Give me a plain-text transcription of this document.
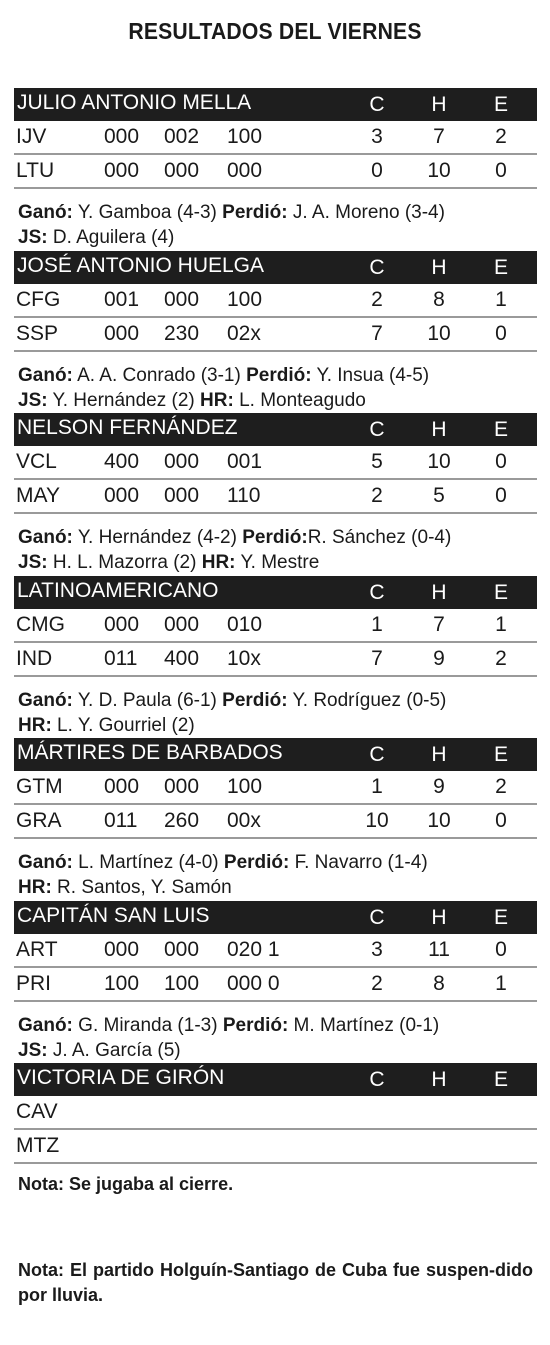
RESULTADOS DEL VIERNES
JULIO ANTONIO MELLA	C	H	E
IJV	000 002 100	3	7	2
LTU 000 000 000	0	10	0
Ganó: Y. Gamboa (4-3) Perdió: J. A. Moreno (3-4)
JS: D. Aguilera (4)
JOSÉ ANTONIO HUELGA	C	H	E
CFG 001 000 100	2	8	1
SSP 000 230 02x	7	10	0
Ganó: A. A. Conrado (3-1) Perdió: Y. Insua (4-5)
JS: Y. Hernández (2) HR: L. Monteagudo
NELSON FERNÁNDEZ	C	H	E
VCL 400 000 001	5	10	0
MAY 000 000 110	2	5	0
Ganó: Y. Hernández (4-2) Perdió:R. Sánchez (0-4)
JS: H. L. Mazorra (2) HR: Y. Mestre
LATINOAMERICANO	C	H	E
CMG 000 000 010	1	7	1
IND 011 400 10x	7	9	2
Ganó: Y. D. Paula (6-1) Perdió: Y. Rodríguez (0-5)
HR: L. Y. Gourriel (2)
MÁRTIRES DE BARBADOS	C	H	E
GTM 000 000 100	1	9	2
GRA 011 260 00x	10	10	0
Ganó: L. Martínez (4-0) Perdió: F. Navarro (1-4)
HR: R. Santos, Y. Samón
CAPITÁN SAN LUIS	C	H	E
ART 000 000 020 1	3	11	0
PRI	100 100 000 0	2	8	1
Ganó: G. Miranda (1-3) Perdió: M. Martínez (0-1)
JS: J. A. García (5)
VICTORIA DE GIRÓN	C	H	E
CAV
MTZ
Nota: Se jugaba al cierre.
Nota: El partido Holguín-Santiago de Cuba fue suspen-dido por lluvia.
